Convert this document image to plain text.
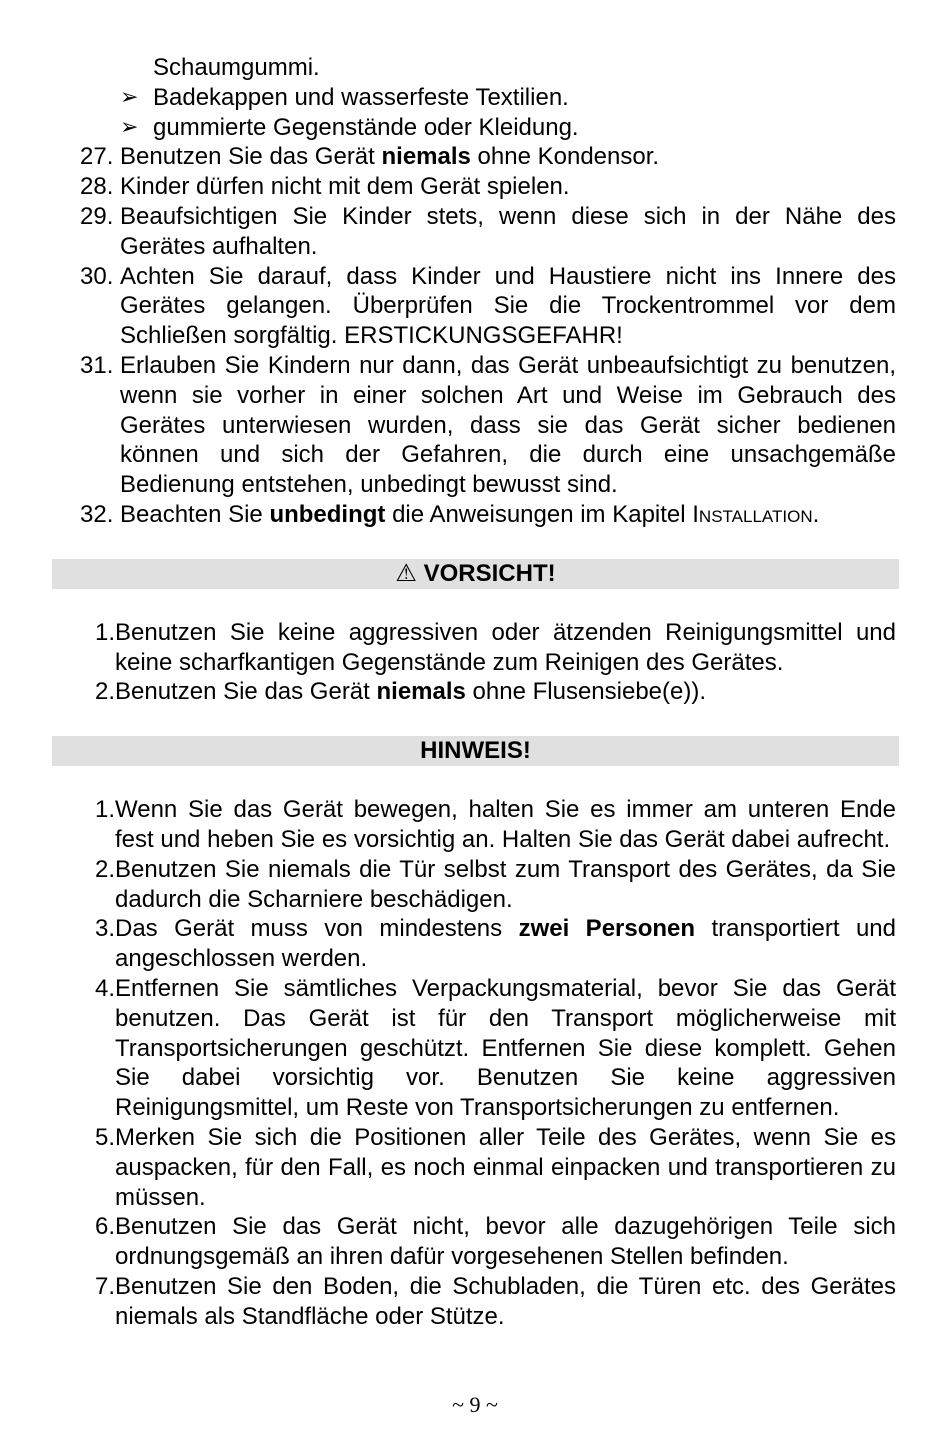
Schaumgummi.
➢ Badekappen und wasserfeste Textilien.
➢ gummierte Gegenstände oder Kleidung.
27. Benutzen Sie das Gerät niemals ohne Kondensor.
28. Kinder dürfen nicht mit dem Gerät spielen.
29. Beaufsichtigen Sie Kinder stets, wenn diese sich in der Nähe des Gerätes aufhalten.
30. Achten Sie darauf, dass Kinder und Haustiere nicht ins Innere des Gerätes gelangen. Überprüfen Sie die Trockentrommel vor dem Schließen sorgfältig. ERSTICKUNGSGEFAHR!
31. Erlauben Sie Kindern nur dann, das Gerät unbeaufsichtigt zu benutzen, wenn sie vorher in einer solchen Art und Weise im Gebrauch des Gerätes unterwiesen wurden, dass sie das Gerät sicher bedienen können und sich der Gefahren, die durch eine unsachgemäße Bedienung entstehen, unbedingt bewusst sind.
32. Beachten Sie unbedingt die Anweisungen im Kapitel Installation.
⚠ VORSICHT!
1. Benutzen Sie keine aggressiven oder ätzenden Reinigungsmittel und keine scharfkantigen Gegenstände zum Reinigen des Gerätes.
2. Benutzen Sie das Gerät niemals ohne Flusensiebe(e)).
HINWEIS!
1. Wenn Sie das Gerät bewegen, halten Sie es immer am unteren Ende fest und heben Sie es vorsichtig an. Halten Sie das Gerät dabei aufrecht.
2. Benutzen Sie niemals die Tür selbst zum Transport des Gerätes, da Sie dadurch die Scharniere beschädigen.
3. Das Gerät muss von mindestens zwei Personen transportiert und angeschlossen werden.
4. Entfernen Sie sämtliches Verpackungsmaterial, bevor Sie das Gerät benutzen. Das Gerät ist für den Transport möglicherweise mit Transportsicherungen geschützt. Entfernen Sie diese komplett. Gehen Sie dabei vorsichtig vor. Benutzen Sie keine aggressiven Reinigungsmittel, um Reste von Transportsicherungen zu entfernen.
5. Merken Sie sich die Positionen aller Teile des Gerätes, wenn Sie es auspacken, für den Fall, es noch einmal einpacken und transportieren zu müssen.
6. Benutzen Sie das Gerät nicht, bevor alle dazugehörigen Teile sich ordnungsgemäß an ihren dafür vorgesehenen Stellen befinden.
7. Benutzen Sie den Boden, die Schubladen, die Türen etc. des Gerätes niemals als Standfläche oder Stütze.
~ 9 ~
